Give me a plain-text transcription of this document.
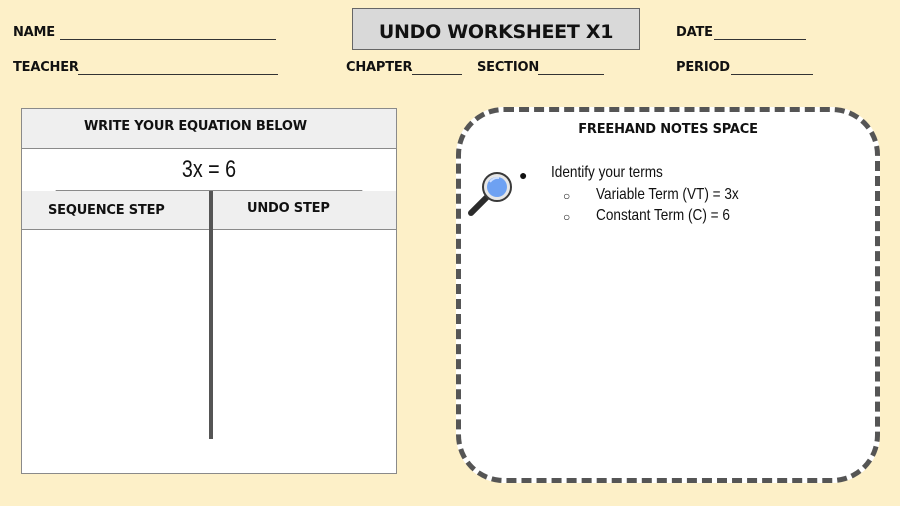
NAME	UNDO WORKSHEET X1	DATE
TEACHER	CHAPTER	SECTION	PERIOD
WRITE YOUR EQUATION BELOW
3x = 6
SEQUENCE STEP	UNDO STEP
FREEHAND NOTES SPACE
● Identify your terms
○ Variable Term (VT) = 3x
○ Constant Term (C) = 6
